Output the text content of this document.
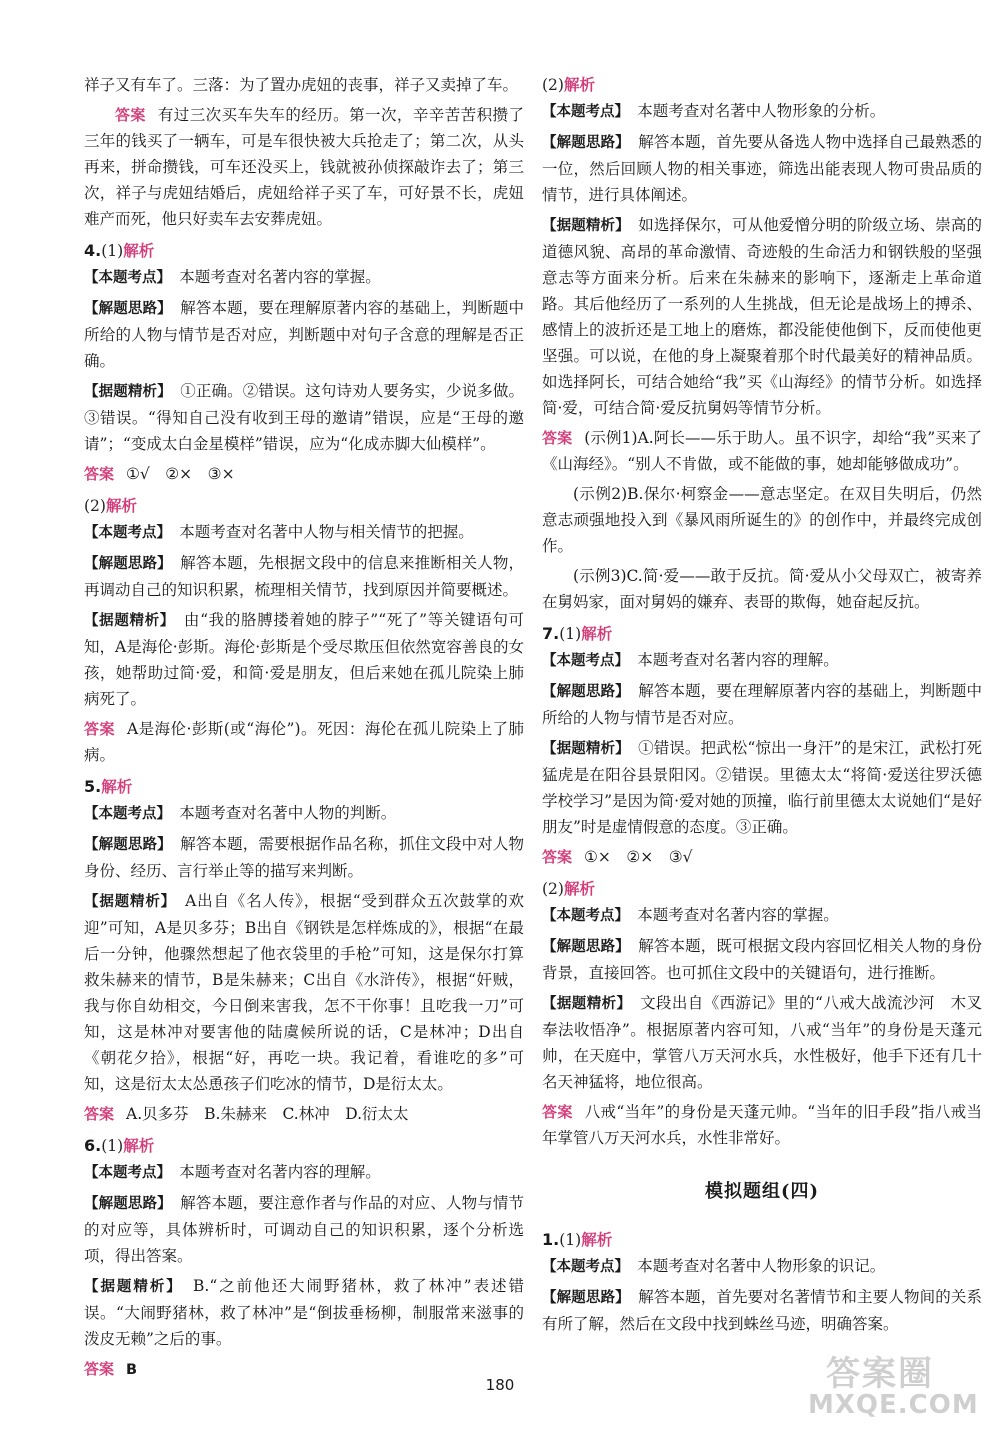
祥子又有车了。三落：为了置办虎妞的丧事，祥子又卖掉了车。
答案 有过三次买车失车的经历。第一次，辛辛苦苦积攒了三年的钱买了一辆车，可是车很快被大兵抢走了；第二次，从头再来，拼命攒钱，可车还没买上，钱就被孙侦探敲诈去了；第三次，祥子与虎妞结婚后，虎妞给祥子买了车，可好景不长，虎妞难产而死，他只好卖车去安葬虎妞。
4.(1)解析
【本题考点】　 本题考查对名著内容的掌握。
【解题思路】　 解答本题，要在理解原著内容的基础上，判断题中所给的人物与情节是否对应，判断题中对句子含意的理解是否正确。
【据题精析】　 ①正确。②错误。这句诗劝人要务实，少说多做。③错误。“得知自己没有收到王母的邀请”错误，应是“王母的邀请”；“变成太白金星模样”错误，应为“化成赤脚大仙模样”。
答案 ①√　②×　③×
(2)解析
【本题考点】　 本题考查对名著中人物与相关情节的把握。
【解题思路】　 解答本题，先根据文段中的信息来推断相关人物，再调动自己的知识积累，梳理相关情节，找到原因并简要概述。
【据题精析】　 由“我的胳膊搂着她的脖子”“死了”等关键语句可知，A是海伦·彭斯。海伦·彭斯是个受尽欺压但依然宽容善良的女孩，她帮助过简·爱，和简·爱是朋友，但后来她在孤儿院染上肺病死了。
答案 A是海伦·彭斯(或“海伦”)。死因：海伦在孤儿院染上了肺病。
5.解析
【本题考点】　 本题考查对名著中人物的判断。
【解题思路】　 解答本题，需要根据作品名称，抓住文段中对人物身份、经历、言行举止等的描写来判断。
【据题精析】　 A出自《名人传》，根据“受到群众五次鼓掌的欢迎”可知，A是贝多芬；B出自《钢铁是怎样炼成的》，根据“在最后一分钟，他骤然想起了他衣袋里的手枪”可知，这是保尔打算救朱赫来的情节，B是朱赫来；C出自《水浒传》，根据“奸贼，我与你自幼相交，今日倒来害我，怎不干你事！且吃我一刀”可知，这是林冲对要害他的陆虞候所说的话，C是林冲；D出自《朝花夕拾》，根据“好，再吃一块。我记着，看谁吃的多”可知，这是衍太太怂恿孩子们吃冰的情节，D是衍太太。
答案 A.贝多芬　B.朱赫来　C.林冲　D.衍太太
6.(1)解析
【本题考点】　 本题考查对名著内容的理解。
【解题思路】　 解答本题，要注意作者与作品的对应、人物与情节的对应等，具体辨析时，可调动自己的知识积累，逐个分析选项，得出答案。
【据题精析】　 B.“之前他还大闹野猪林，救了林冲”表述错误。“大闹野猪林，救了林冲”是“倒拔垂杨柳，制服常来滋事的泼皮无赖”之后的事。
答案 B
(2)解析
【本题考点】　 本题考查对名著中人物形象的分析。
【解题思路】　 解答本题，首先要从备选人物中选择自己最熟悉的一位，然后回顾人物的相关事迹，筛选出能表现人物可贵品质的情节，进行具体阐述。
【据题精析】　 如选择保尔，可从他爱憎分明的阶级立场、崇高的道德风貌、高昂的革命激情、奇迹般的生命活力和钢铁般的坚强意志等方面来分析。后来在朱赫来的影响下，逐渐走上革命道路。其后他经历了一系列的人生挑战，但无论是战场上的搏杀、感情上的波折还是工地上的磨炼，都没能使他倒下，反而使他更坚强。可以说，在他的身上凝聚着那个时代最美好的精神品质。如选择阿长，可结合她给“我”买《山海经》的情节分析。如选择简·爱，可结合简·爱反抗舅妈等情节分析。
答案 (示例1)A.阿长——乐于助人。虽不识字，却给“我”买来了《山海经》。“别人不肯做，或不能做的事，她却能够做成功”。
(示例2)B.保尔·柯察金——意志坚定。在双目失明后，仍然意志顽强地投入到《暴风雨所诞生的》的创作中，并最终完成创作。
(示例3)C.简·爱——敢于反抗。简·爱从小父母双亡，被寄养在舅妈家，面对舅妈的嫌弃、表哥的欺侮，她奋起反抗。
7.(1)解析
【本题考点】　 本题考查对名著内容的理解。
【解题思路】　 解答本题，要在理解原著内容的基础上，判断题中所给的人物与情节是否对应。
【据题精析】　 ①错误。把武松“惊出一身汗”的是宋江，武松打死猛虎是在阳谷县景阳冈。②错误。里德太太“将简·爱送往罗沃德学校学习”是因为简·爱对她的顶撞，临行前里德太太说她们“是好朋友”时是虚情假意的态度。③正确。
答案 ①×　②×　③√
(2)解析
【本题考点】　 本题考查对名著内容的掌握。
【解题思路】　 解答本题，既可根据文段内容回忆相关人物的身份背景，直接回答。也可抓住文段中的关键语句，进行推断。
【据题精析】　 文段出自《西游记》里的“八戒大战流沙河　木叉奉法收悟净”。根据原著内容可知，八戒“当年”的身份是天蓬元帅，在天庭中，掌管八万天河水兵，水性极好，他手下还有几十名天神猛将，地位很高。
答案 八戒“当年”的身份是天蓬元帅。“当年的旧手段”指八戒当年掌管八万天河水兵，水性非常好。
模拟题组(四)
1.(1)解析
【本题考点】　 本题考查对名著中人物形象的识记。
【解题思路】　 解答本题，首先要对名著情节和主要人物间的关系有所了解，然后在文段中找到蛛丝马迹，明确答案。
180	答案圈
MXQE.COM
